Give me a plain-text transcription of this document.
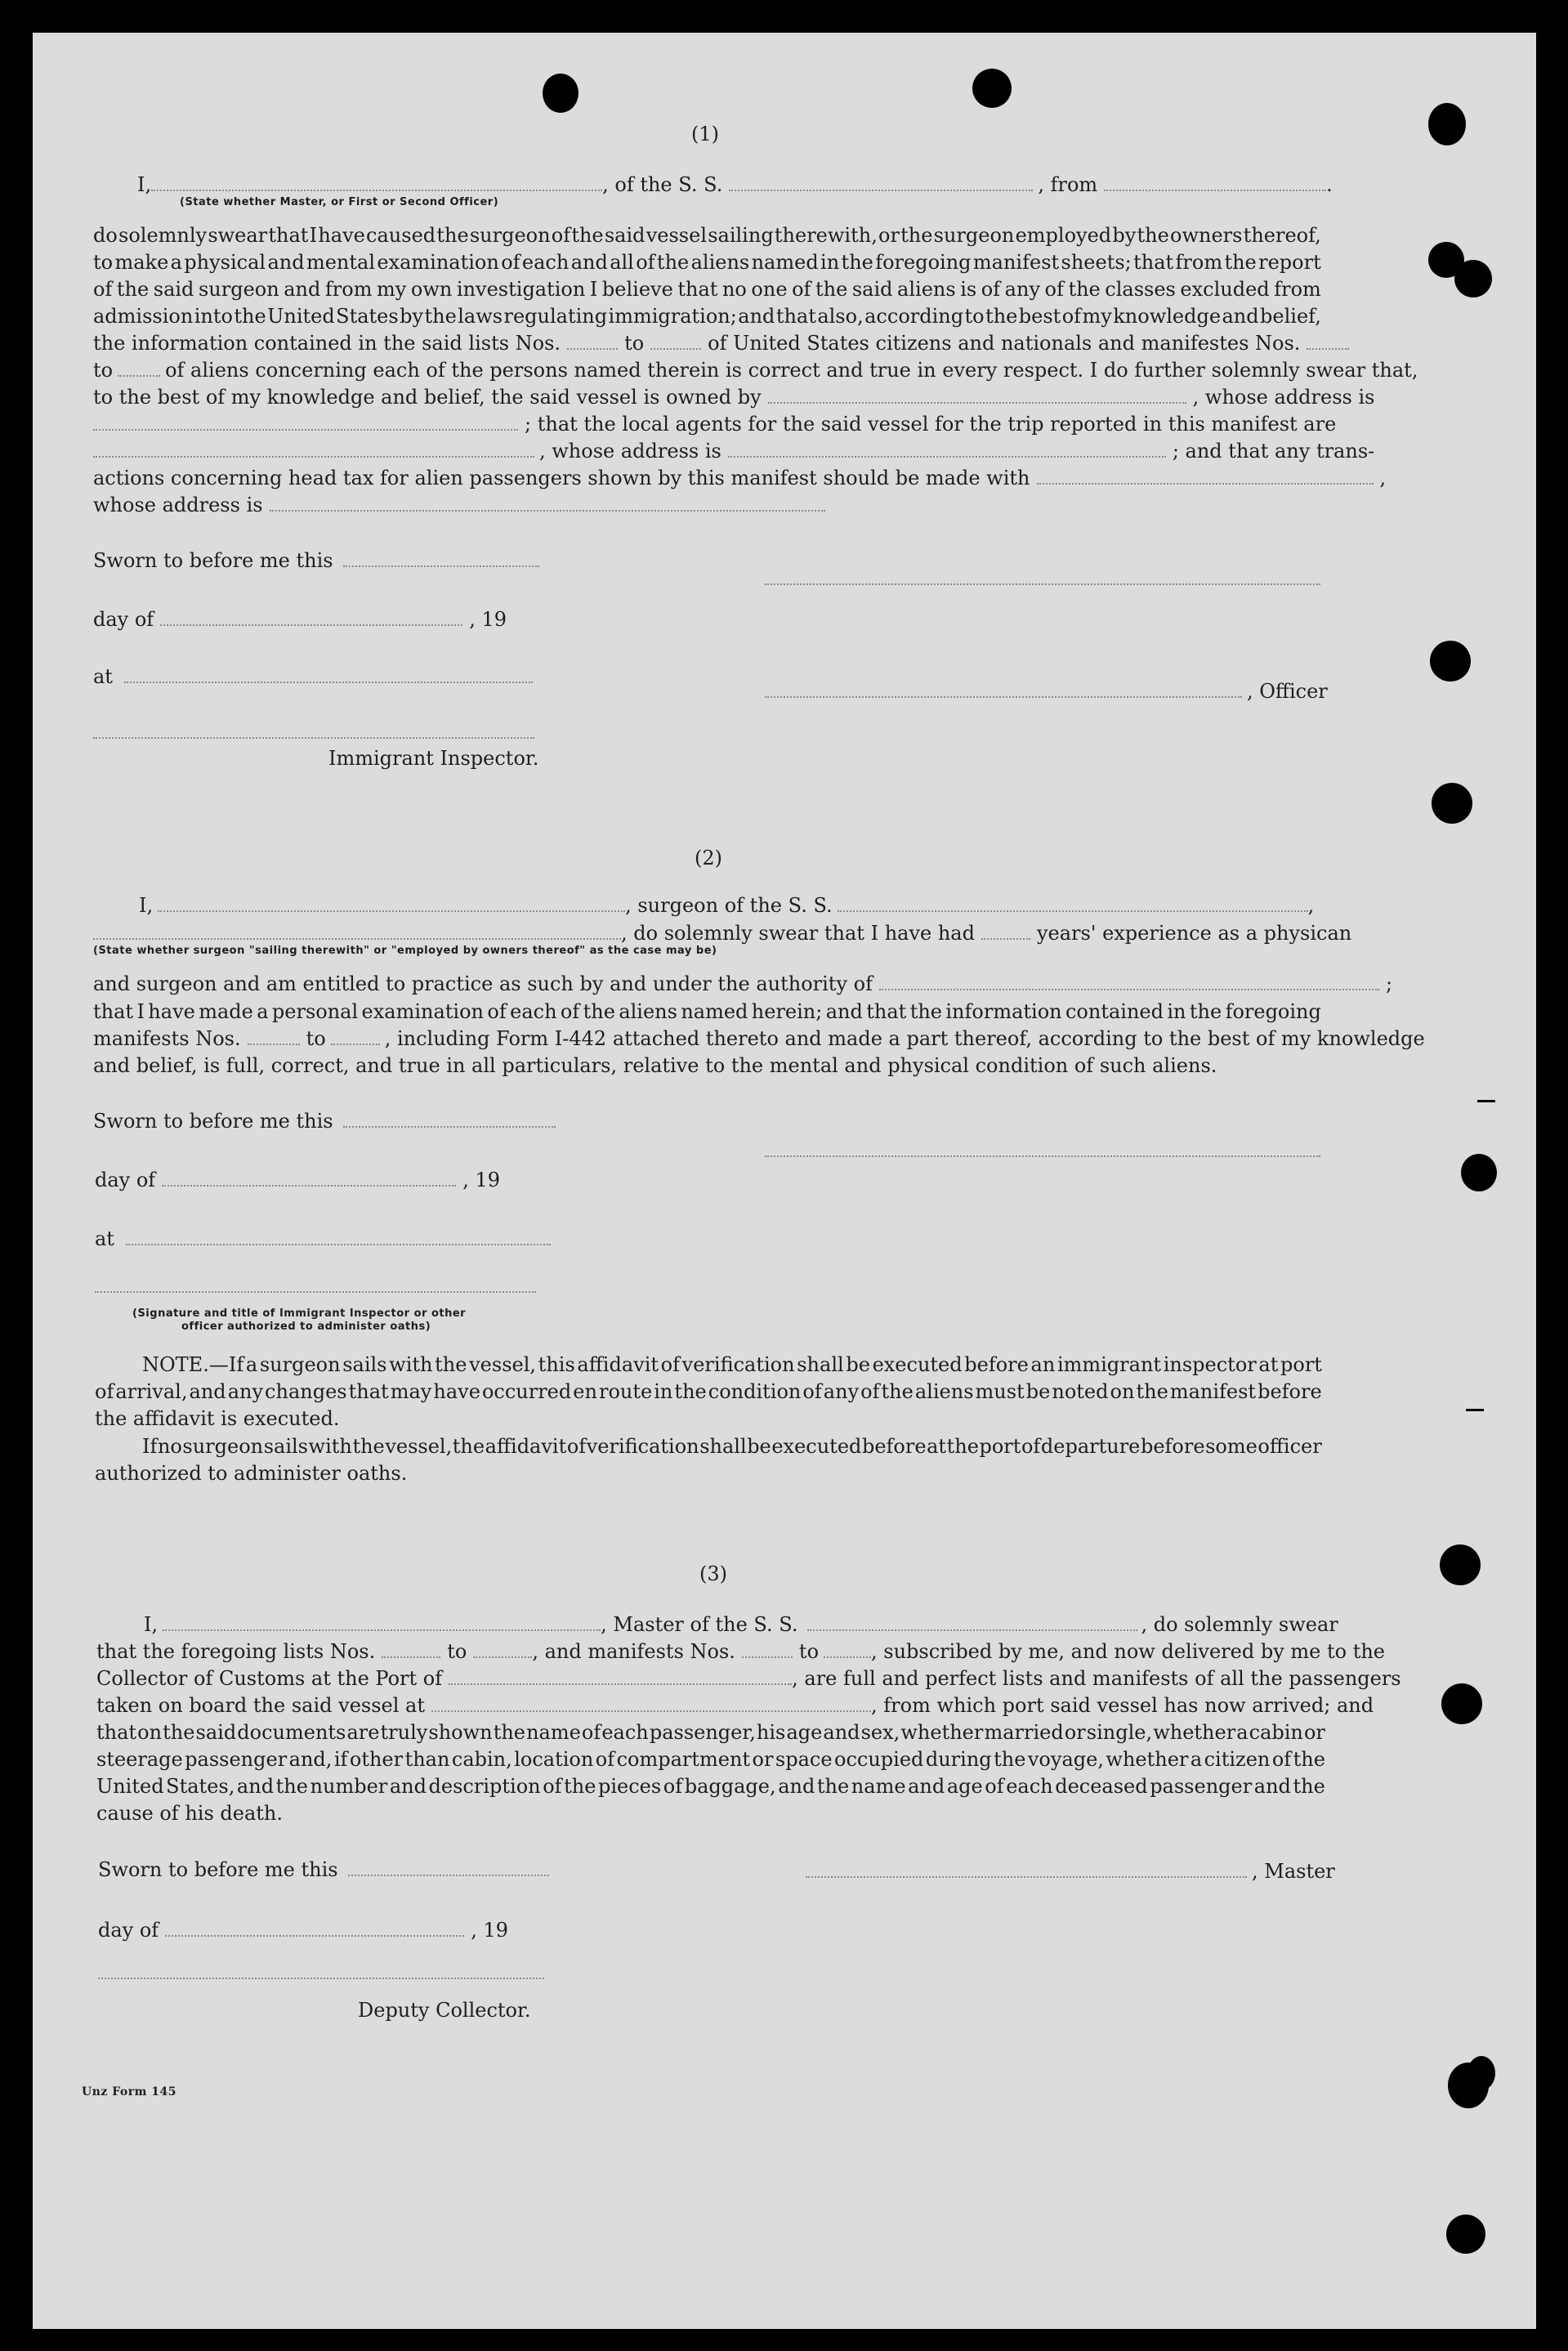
(1)
I,	, of the S. S.	, from	.
(State whether Master, or First or Second Officer)
do solemnly swear that I have caused the surgeon of the said vessel sailing therewith, or the surgeon employed by the owners thereof,
to make a physical and mental examination of each and all of the aliens named in the foregoing manifest sheets; that from the report
of the said surgeon and from my own investigation I believe that no one of the said aliens is of any of the classes excluded from
admission into the United States by the laws regulating immigration; and that also, according to the best of my knowledge and belief,
the information contained in the said lists Nos.	to	of United States citizens and nationals and manifestes Nos.
to	of aliens concerning each of the persons named therein is correct and true in every respect. I do further solemnly swear that,
to the best of my knowledge and belief, the said vessel is owned by	, whose address is
; that the local agents for the said vessel for the trip reported in this manifest are
, whose address is	; and that any trans-
actions concerning head tax for alien passengers shown by this manifest should be made with	,
whose address is
Sworn to before me this
day of	, 19
at
, Officer
Immigrant Inspector.
(2)
I,	, surgeon of the S. S.	,
, do solemnly swear that I have had	years' experience as a physican
(State whether surgeon "sailing therewith" or "employed by owners thereof" as the case may be)
and surgeon and am entitled to practice as such by and under the authority of	;
that I have made a personal examination of each of the aliens named herein; and that the information contained in the foregoing
manifests Nos.	to	, including Form I-442 attached thereto and made a part thereof, according to the best of my knowledge
and belief, is full, correct, and true in all particulars, relative to the mental and physical condition of such aliens.
Sworn to before me this
day of	, 19
at
(Signature and title of Immigrant Inspector or other
officer authorized to administer oaths)
NOTE.—If a surgeon sails with the vessel, this affidavit of verification shall be executed before an immigrant inspector at port
of arrival, and any changes that may have occurred en route in the condition of any of the aliens must be noted on the manifest before
the affidavit is executed.
If no surgeon sails with the vessel, the affidavit of verification shall be executed before at the port of departure before some officer
authorized to administer oaths.
(3)
I,	, Master of the S. S.	, do solemnly swear
that the foregoing lists Nos.	to	, and manifests Nos.	to	, subscribed by me, and now delivered by me to the
Collector of Customs at the Port of	, are full and perfect lists and manifests of all the passengers
taken on board the said vessel at	, from which port said vessel has now arrived; and
that on the said documents are truly shown the name of each passenger, his age and sex, whether married or single, whether a cabin or
steerage passenger and, if other than cabin, location of compartment or space occupied during the voyage, whether a citizen of the
United States, and the number and description of the pieces of baggage, and the name and age of each deceased passenger and the
cause of his death.
Sworn to before me this	, Master
day of	, 19
Deputy Collector.
Unz Form 145
